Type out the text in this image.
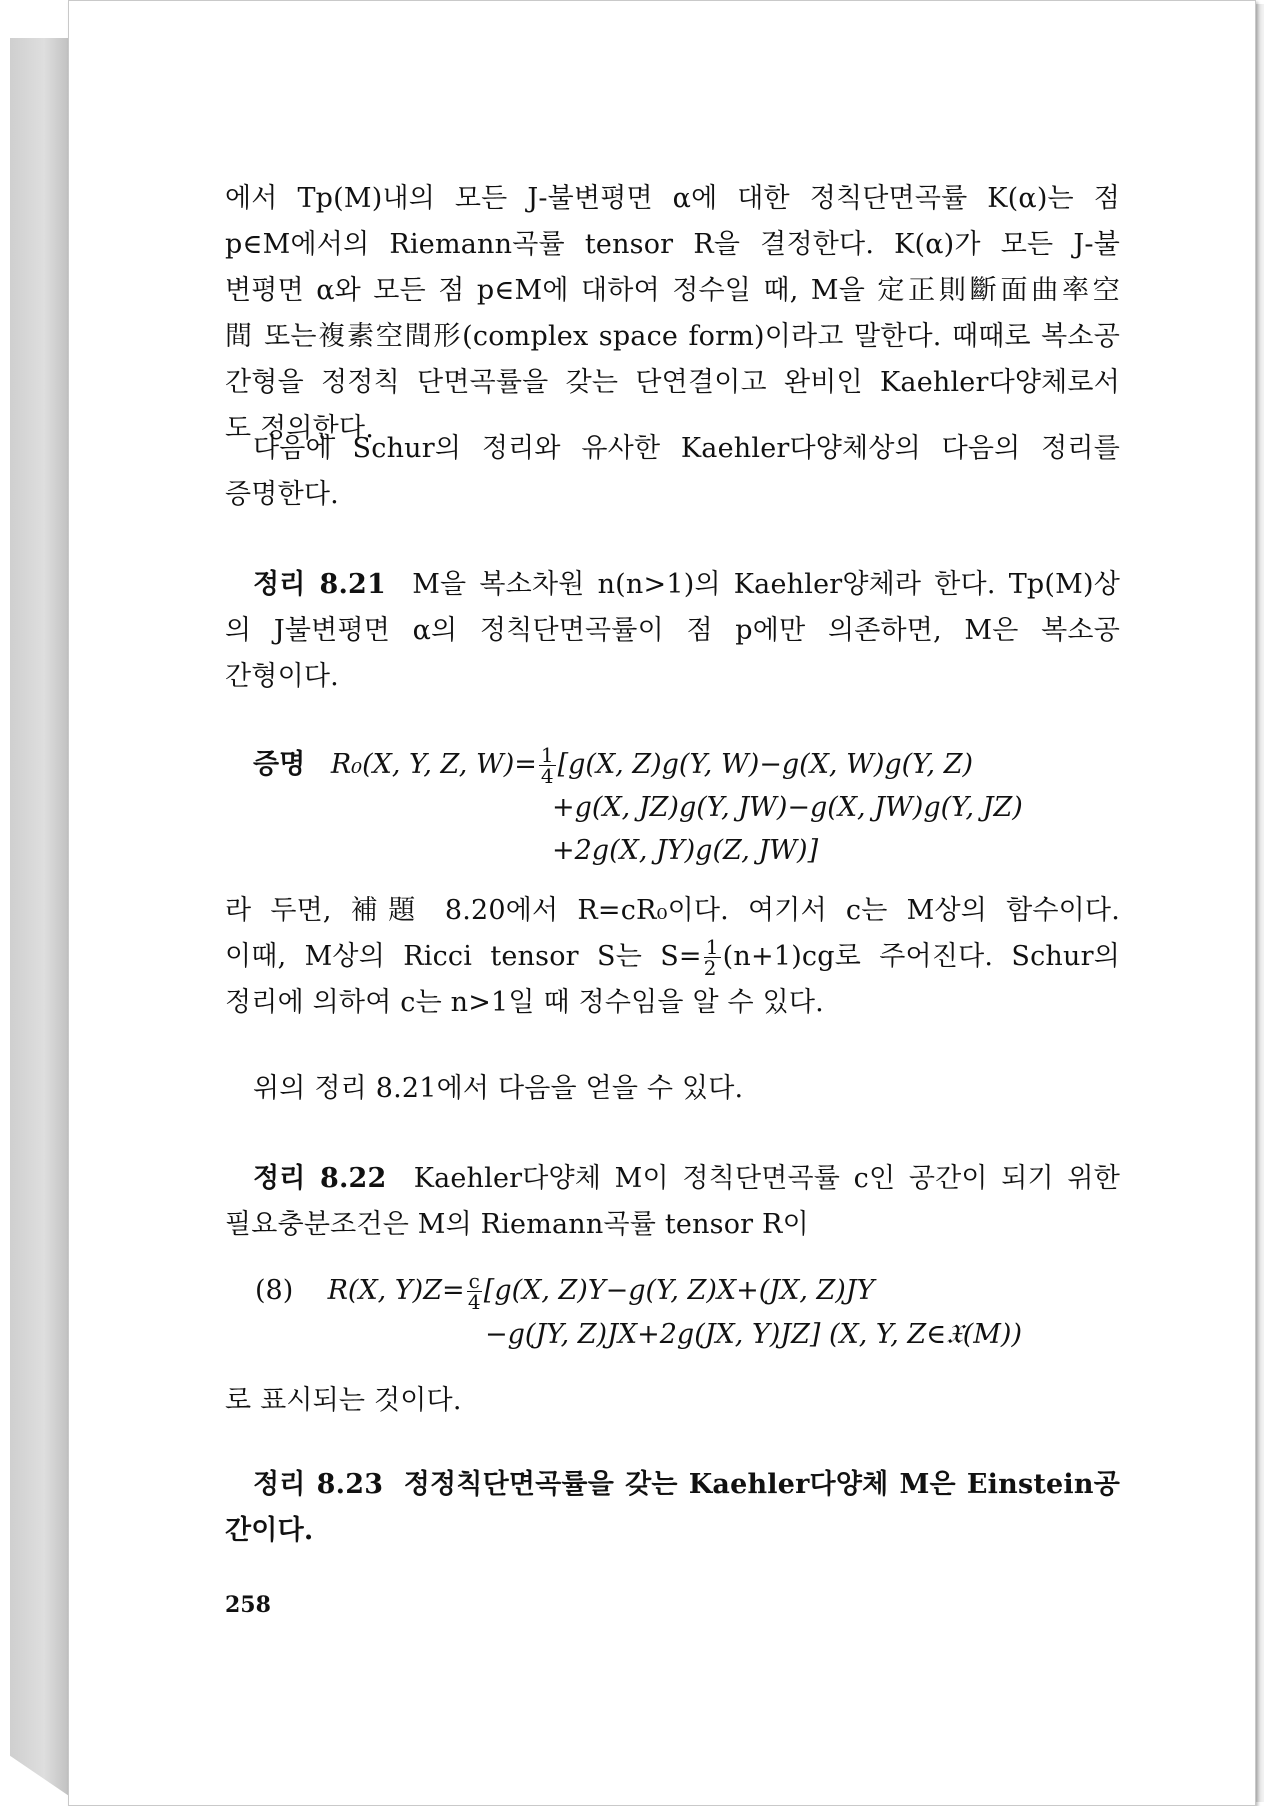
에서 Tp(M)내의 모든 J-불변평면 α에 대한 정칙단면곡률 K(α)는 점
p∈M에서의 Riemann곡률 tensor R을 결정한다. K(α)가 모든 J-불
변평면 α와 모든 점 p∈M에 대하여 정수일 때, M을 定正則斷面曲率空
間 또는複素空間形(complex space form)이라고 말한다. 때때로 복소공
간형을 정정칙 단면곡률을 갖는 단연결이고 완비인 Kaehler다양체로서
도 정의한다.
다음에 Schur의 정리와 유사한 Kaehler다양체상의 다음의 정리를
증명한다.
정리 8.21 M을 복소차원 n(n>1)의 Kaehler양체라 한다. Tp(M)상
의 J불변평면 α의 정칙단면곡률이 점 p에만 의존하면, M은 복소공
간형이다.
증명 R₀(X, Y, Z, $W)= \frac{1}{4} [g(X$, Z)g(Y, W)−g(X, W)g(Y, Z)
+g(X, JZ)g(Y, JW)−g(X, JW)g(Y, JZ)
+2g(X, JY)g(Z, JW)]
라 두면, 補題 8.20에서 R=cR₀이다. 여기서 c는 M상의 함수이다.
이때, M상의 Ricci tensor S는 $S= \frac{1}{2} (n+1)cg$로 주어진다. Schur의
정리에 의하여 c는 n>1일 때 정수임을 알 수 있다.
위의 정리 8.21에서 다음을 얻을 수 있다.
정리 8.22 Kaehler다양체 M이 정칙단면곡률 c인 공간이 되기 위한
필요충분조건은 M의 Riemann곡률 tensor R이
(8) R(X, $Y)Z= \frac{c}{4} [g(X$, Z)Y−g(Y, Z)X+(JX, Z)JY
−g(JY, Z)JX+2g(JX, Y)JZ] (X, Y, Z∈𝔛(M))
로 표시되는 것이다.
정리 8.23 정정칙단면곡률을 갖는 Kaehler다양체 M은 Einstein공
간이다.
258
